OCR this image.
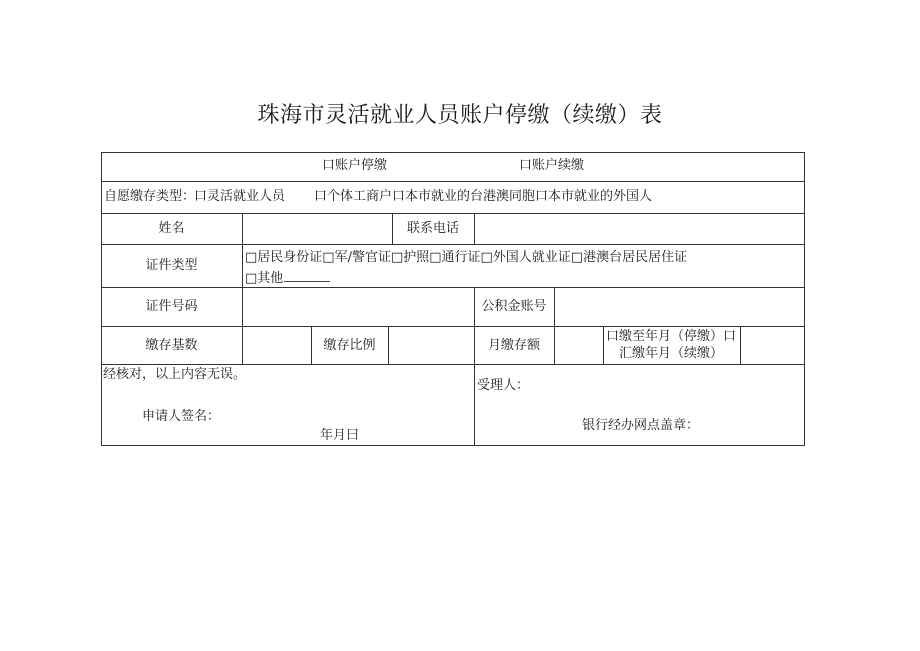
珠海市灵活就业人员账户停缴（续缴）表
口账户停缴	口账户续缴
自愿缴存类型：
口灵活就业人员 口个体工商户口本市就业的台港澳同胞口本市就业的外国人
姓名	联系电话
证件类型
□居民身份证□军/警官证□护照□通行证□外国人就业证□港澳台居民居住证
□其他
证件号码	公积金账号
缴存基数	缴存比例	月缴存额
口缴至年月（停缴）口
汇缴年月（续缴）
经核对，以上内容无误。
申请人签名：
年月曰
受理人：
银行经办网点盖章：
